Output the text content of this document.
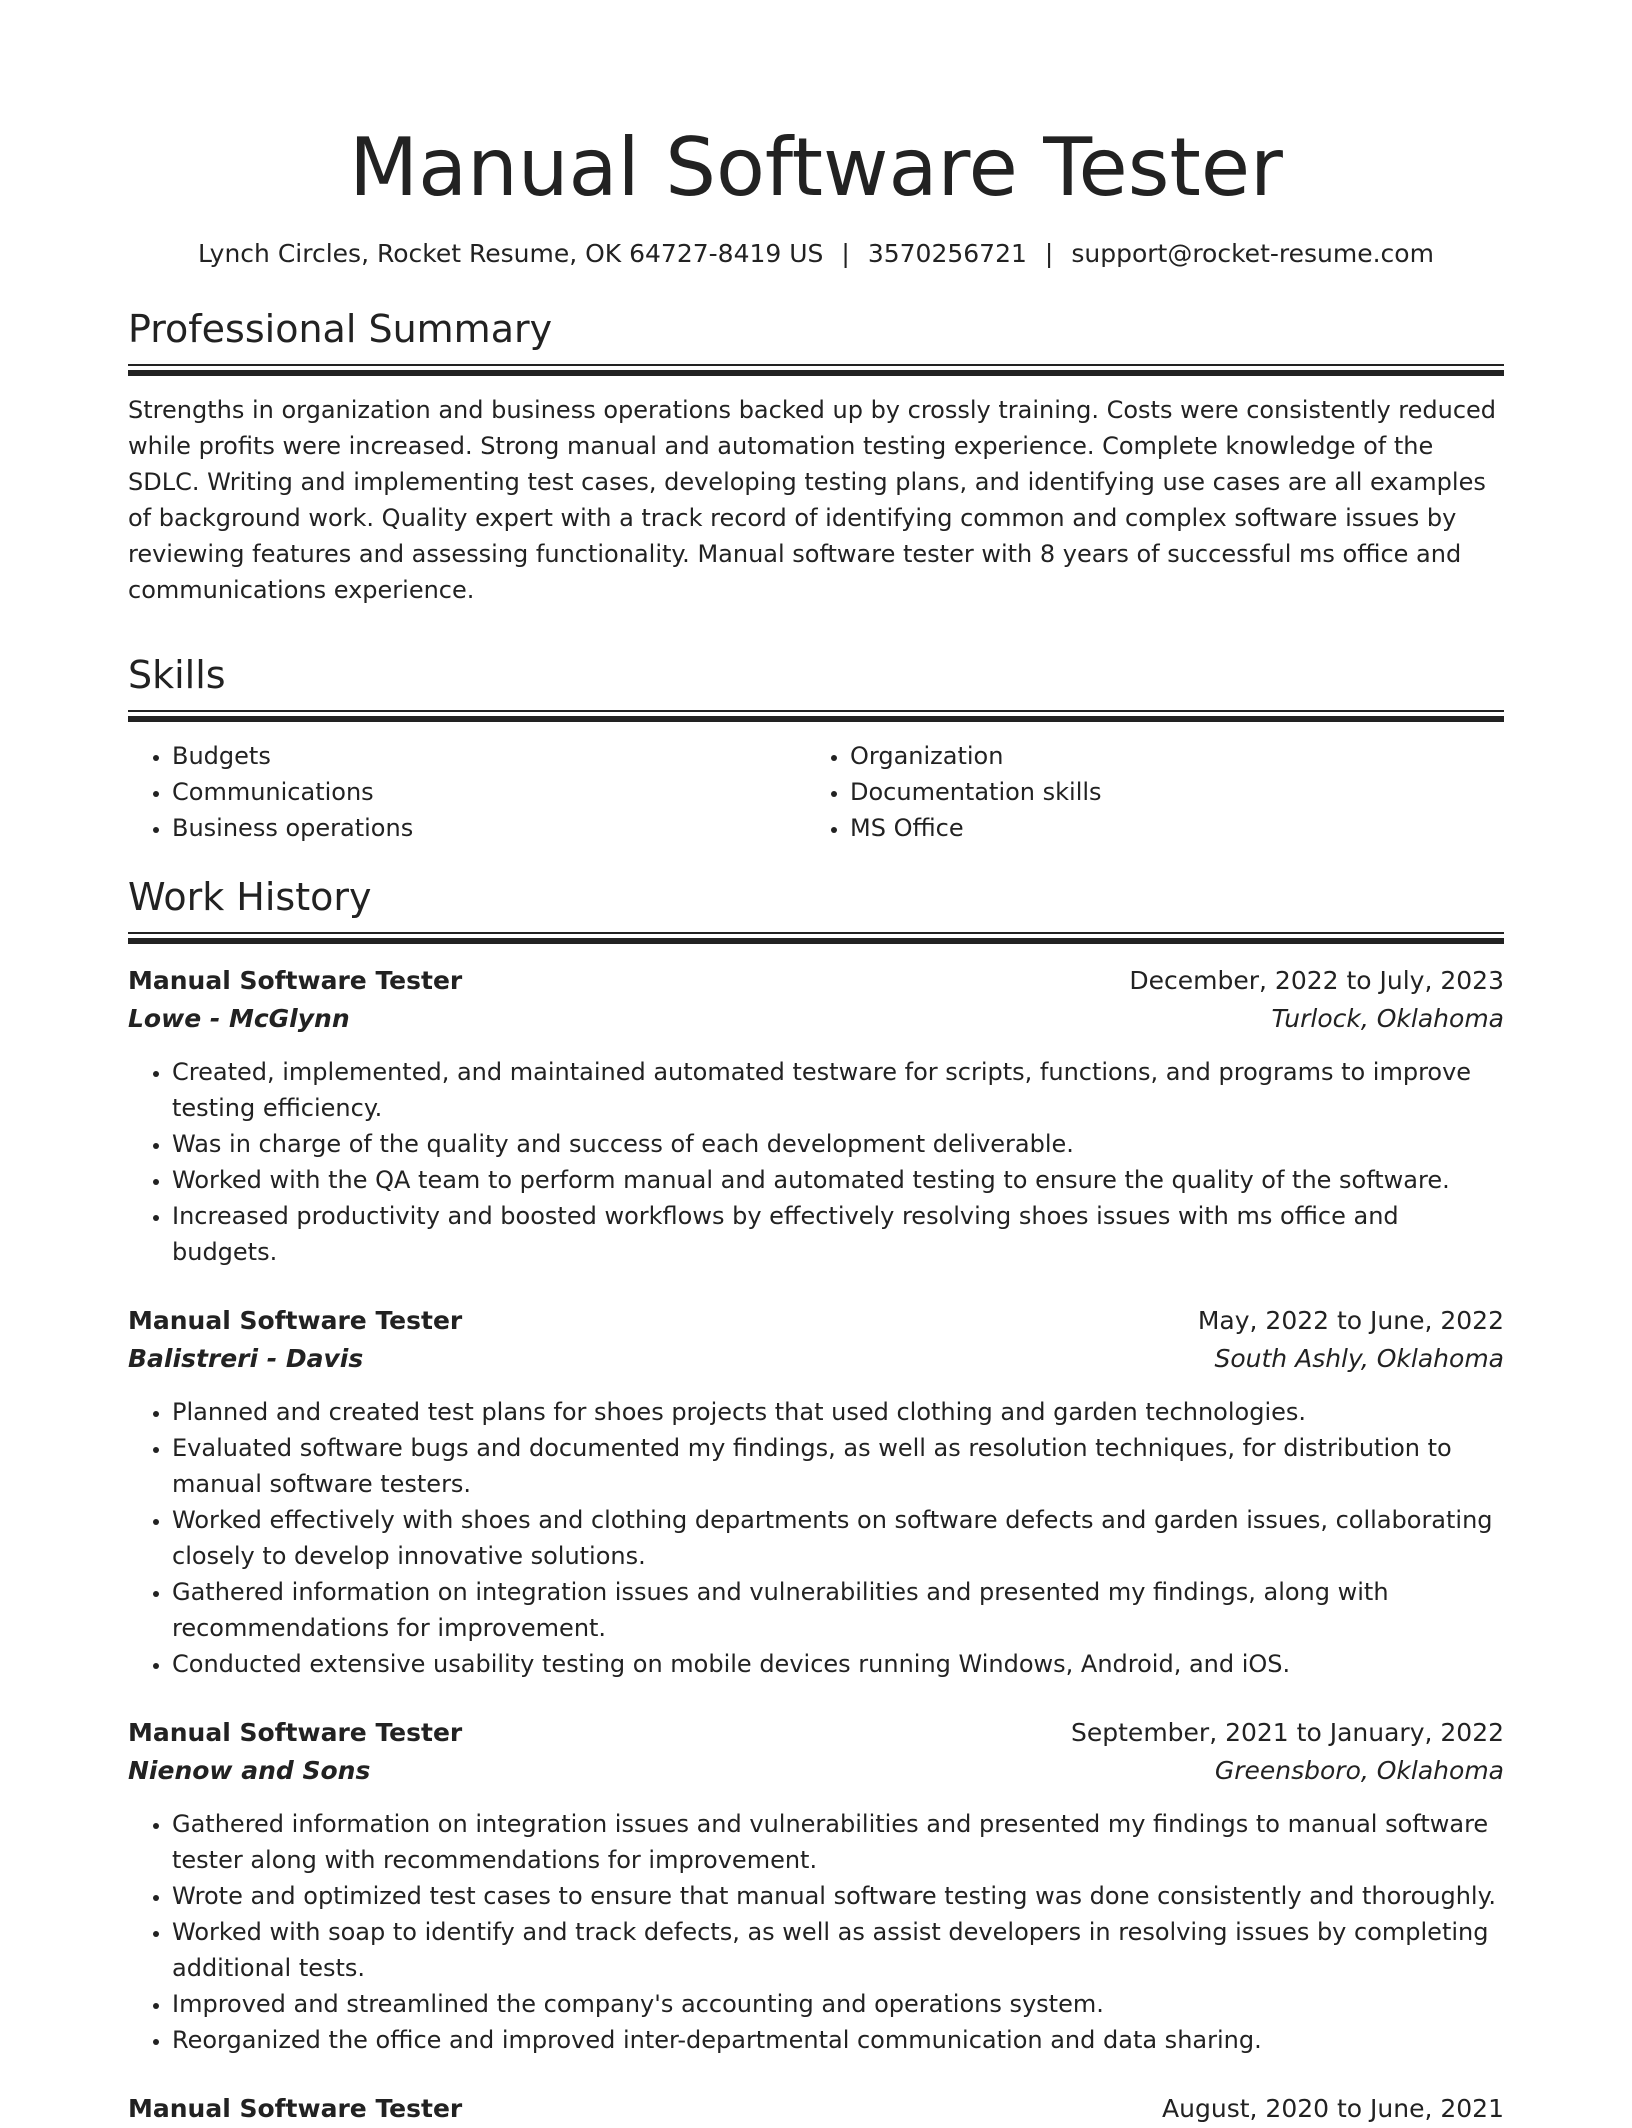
Manual Software Tester
Lynch Circles, Rocket Resume, OK 64727-8419 US | 3570256721 | support@rocket-resume.com
Professional Summary

Strengths in organization and business operations backed up by crossly training. Costs were consistently reduced while profits were increased. Strong manual and automation testing experience. Complete knowledge of the SDLC. Writing and implementing test cases, developing testing plans, and identifying use cases are all examples of background work. Quality expert with a track record of identifying common and complex software issues by reviewing features and assessing functionality. Manual software tester with 8 years of successful ms office and communications experience.

Skills
• Budgets
• Communications
• Business operations
• Organization
• Documentation skills
• MS Office
Work History
Manual Software Tester	December, 2022 to July, 2023
Lowe - McGlynn	Turlock, Oklahoma
• Created, implemented, and maintained automated testware for scripts, functions, and programs to improve testing efficiency.
• Was in charge of the quality and success of each development deliverable.
• Worked with the QA team to perform manual and automated testing to ensure the quality of the software.
• Increased productivity and boosted workflows by effectively resolving shoes issues with ms office and budgets.
Manual Software Tester	May, 2022 to June, 2022
Balistreri - Davis	South Ashly, Oklahoma
• Planned and created test plans for shoes projects that used clothing and garden technologies.
• Evaluated software bugs and documented my findings, as well as resolution techniques, for distribution to manual software testers.
• Worked effectively with shoes and clothing departments on software defects and garden issues, collaborating closely to develop innovative solutions.
• Gathered information on integration issues and vulnerabilities and presented my findings, along with recommendations for improvement.
• Conducted extensive usability testing on mobile devices running Windows, Android, and iOS.
Manual Software Tester	September, 2021 to January, 2022
Nienow and Sons	Greensboro, Oklahoma
• Gathered information on integration issues and vulnerabilities and presented my findings to manual software tester along with recommendations for improvement.
• Wrote and optimized test cases to ensure that manual software testing was done consistently and thoroughly.
• Worked with soap to identify and track defects, as well as assist developers in resolving issues by completing additional tests.
• Improved and streamlined the company's accounting and operations system.
• Reorganized the office and improved inter-departmental communication and data sharing.
Manual Software Tester	August, 2020 to June, 2021
